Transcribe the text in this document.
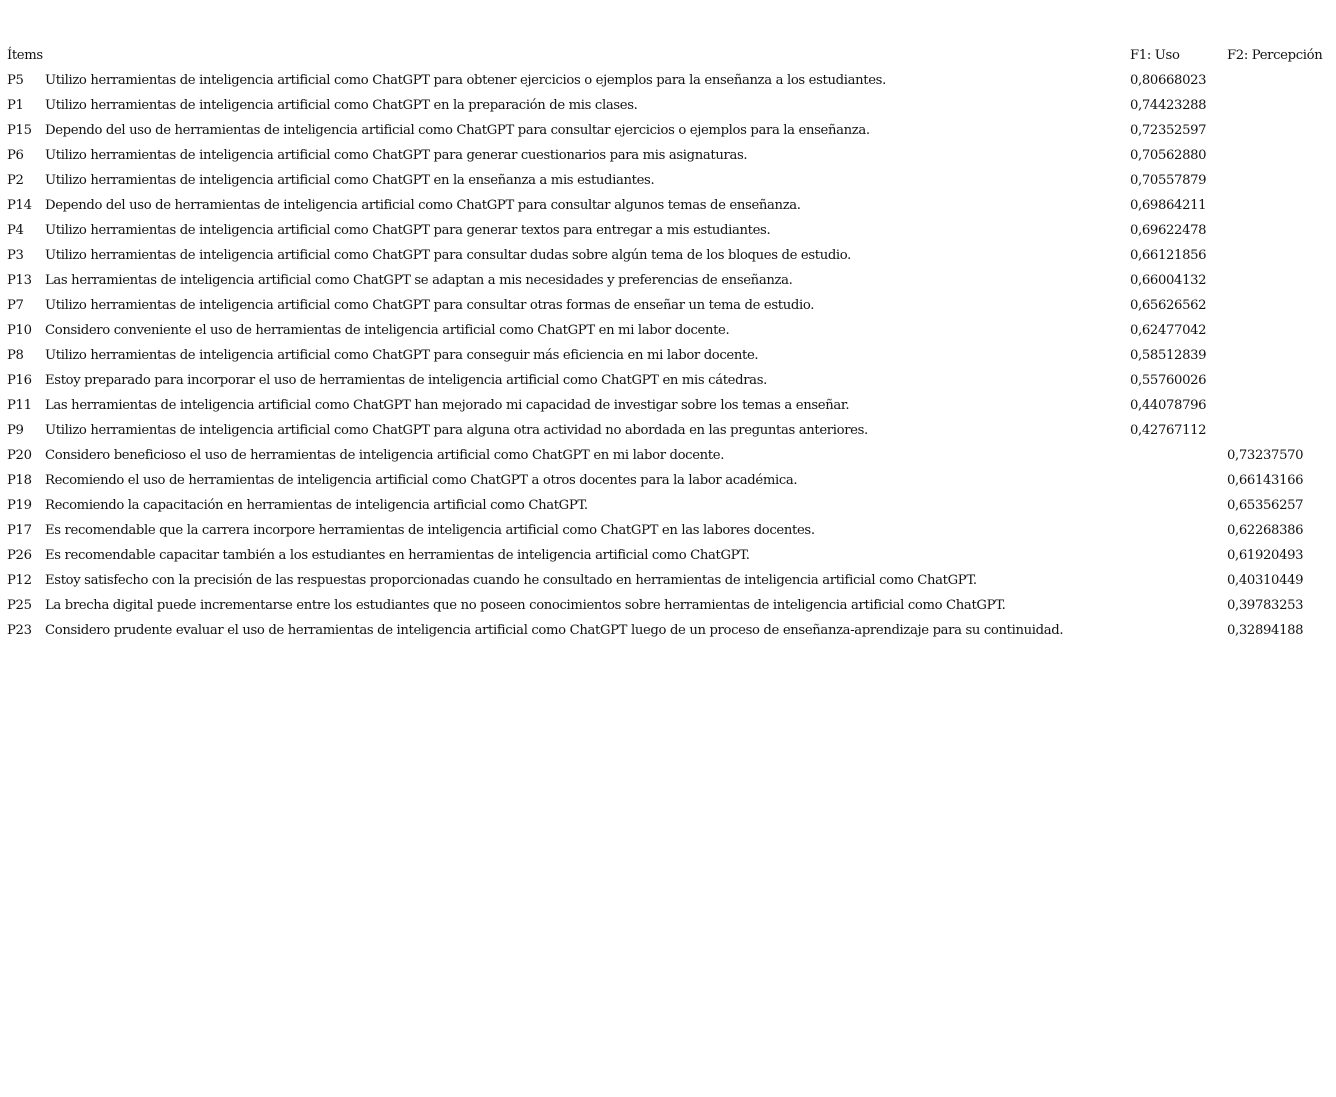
Ítems		F1: Uso	F2: Percepción
P5	Utilizo herramientas de inteligencia artificial como ChatGPT para obtener ejercicios o ejemplos para la enseñanza a los estudiantes.	0,80668023	
P1	Utilizo herramientas de inteligencia artificial como ChatGPT en la preparación de mis clases.	0,74423288	
P15	Dependo del uso de herramientas de inteligencia artificial como ChatGPT para consultar ejercicios o ejemplos para la enseñanza.	0,72352597	
P6	Utilizo herramientas de inteligencia artificial como ChatGPT para generar cuestionarios para mis asignaturas.	0,70562880	
P2	Utilizo herramientas de inteligencia artificial como ChatGPT en la enseñanza a mis estudiantes.	0,70557879	
P14	Dependo del uso de herramientas de inteligencia artificial como ChatGPT para consultar algunos temas de enseñanza.	0,69864211	
P4	Utilizo herramientas de inteligencia artificial como ChatGPT para generar textos para entregar a mis estudiantes.	0,69622478	
P3	Utilizo herramientas de inteligencia artificial como ChatGPT para consultar dudas sobre algún tema de los bloques de estudio.	0,66121856	
P13	Las herramientas de inteligencia artificial como ChatGPT se adaptan a mis necesidades y preferencias de enseñanza.	0,66004132	
P7	Utilizo herramientas de inteligencia artificial como ChatGPT para consultar otras formas de enseñar un tema de estudio.	0,65626562	
P10	Considero conveniente el uso de herramientas de inteligencia artificial como ChatGPT en mi labor docente.	0,62477042	
P8	Utilizo herramientas de inteligencia artificial como ChatGPT para conseguir más eficiencia en mi labor docente.	0,58512839	
P16	Estoy preparado para incorporar el uso de herramientas de inteligencia artificial como ChatGPT en mis cátedras.	0,55760026	
P11	Las herramientas de inteligencia artificial como ChatGPT han mejorado mi capacidad de investigar sobre los temas a enseñar.	0,44078796	
P9	Utilizo herramientas de inteligencia artificial como ChatGPT para alguna otra actividad no abordada en las preguntas anteriores.	0,42767112	
P20	Considero beneficioso el uso de herramientas de inteligencia artificial como ChatGPT en mi labor docente.		0,73237570
P18	Recomiendo el uso de herramientas de inteligencia artificial como ChatGPT a otros docentes para la labor académica.		0,66143166
P19	Recomiendo la capacitación en herramientas de inteligencia artificial como ChatGPT.		0,65356257
P17	Es recomendable que la carrera incorpore herramientas de inteligencia artificial como ChatGPT en las labores docentes.		0,62268386
P26	Es recomendable capacitar también a los estudiantes en herramientas de inteligencia artificial como ChatGPT.		0,61920493
P12	Estoy satisfecho con la precisión de las respuestas proporcionadas cuando he consultado en herramientas de inteligencia artificial como ChatGPT.		0,40310449
P25	La brecha digital puede incrementarse entre los estudiantes que no poseen conocimientos sobre herramientas de inteligencia artificial como ChatGPT.		0,39783253
P23	Considero prudente evaluar el uso de herramientas de inteligencia artificial como ChatGPT luego de un proceso de enseñanza-aprendizaje para su continuidad.		0,32894188
